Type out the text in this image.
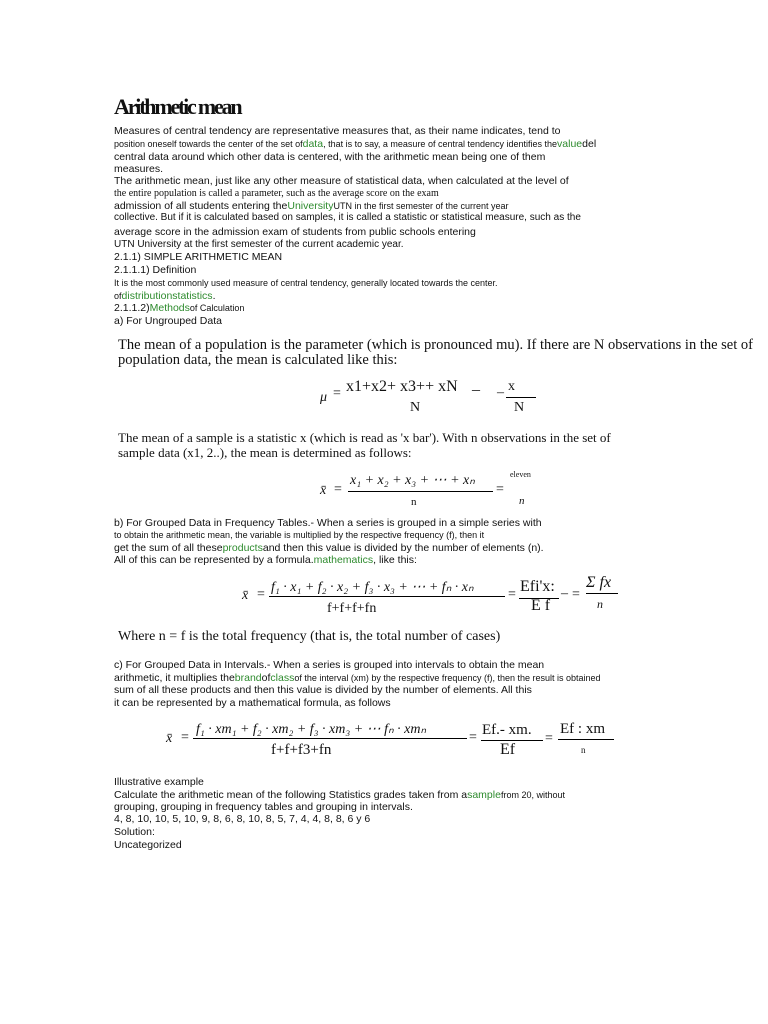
Arithmetic mean
Measures of central tendency are representative measures that, as their name indicates, tend to
position oneself towards the center of the set ofdata, that is to say, a measure of central tendency identifies thevaluedel
central data around which other data is centered, with the arithmetic mean being one of them
measures.
The arithmetic mean, just like any other measure of statistical data, when calculated at the level of
the entire population is called a parameter, such as the average score on the exam
admission of all students entering theUniversityUTN in the first semester of the current year
collective. But if it is calculated based on samples, it is called a statistic or statistical measure, such as the
average score in the admission exam of students from public schools entering
UTN University at the first semester of the current academic year.
2.1.1) SIMPLE ARITHMETIC MEAN
2.1.1.1) Definition
It is the most commonly used measure of central tendency, generally located towards the center.
ofdistributionstatistics.
2.1.1.2)Methodsof Calculation
a) For Ungrouped Data
The mean of a population is the parameter (which is pronounced mu). If there are N observations in the set of
population data, the mean is calculated like this:
μ = x1+x2+ x3++ xN _
N
– x
N
The mean of a sample is a statistic x (which is read as 'x bar'). With n observations in the set of
sample data (x1, 2..), the mean is determined as follows:
x̄ =
x₁ + x₂ + x₃ + ⋯ + xₙ
n
=
eleven
n
b) For Grouped Data in Frequency Tables.- When a series is grouped in a simple series with
to obtain the arithmetic mean, the variable is multiplied by the respective frequency (f), then it
get the sum of all theseproductsand then this value is divided by the number of elements (n).
All of this can be represented by a formula.mathematics, like this:
x̄ = f₁ · x₁ + f₂ · x₂ + f₃ · x₃ + ⋯ + fₙ · xₙ
f+f+f+fn
= Efi'x:
E f
– =
Σ fx
n
Where n = f is the total frequency (that is, the total number of cases)
c) For Grouped Data in Intervals.- When a series is grouped into intervals to obtain the mean
arithmetic, it multiplies thebrandofclassof the interval (xm) by the respective frequency (f), then the result is obtained
sum of all these products and then this value is divided by the number of elements. All this
it can be represented by a mathematical formula, as follows
x̄ =
f₁ · xm₁ + f₂ · xm₂ + f₃ · xm₃ + ⋯ fₙ · xmₙ
f+f+f3+fn
= Ef.- xm.
Ef
=
Ef : xm
n
Illustrative example
Calculate the arithmetic mean of the following Statistics grades taken from asamplefrom 20, without
grouping, grouping in frequency tables and grouping in intervals.
4, 8, 10, 10, 5, 10, 9, 8, 6, 8, 10, 8, 5, 7, 4, 4, 8, 8, 6 y 6
Solution:
Uncategorized
